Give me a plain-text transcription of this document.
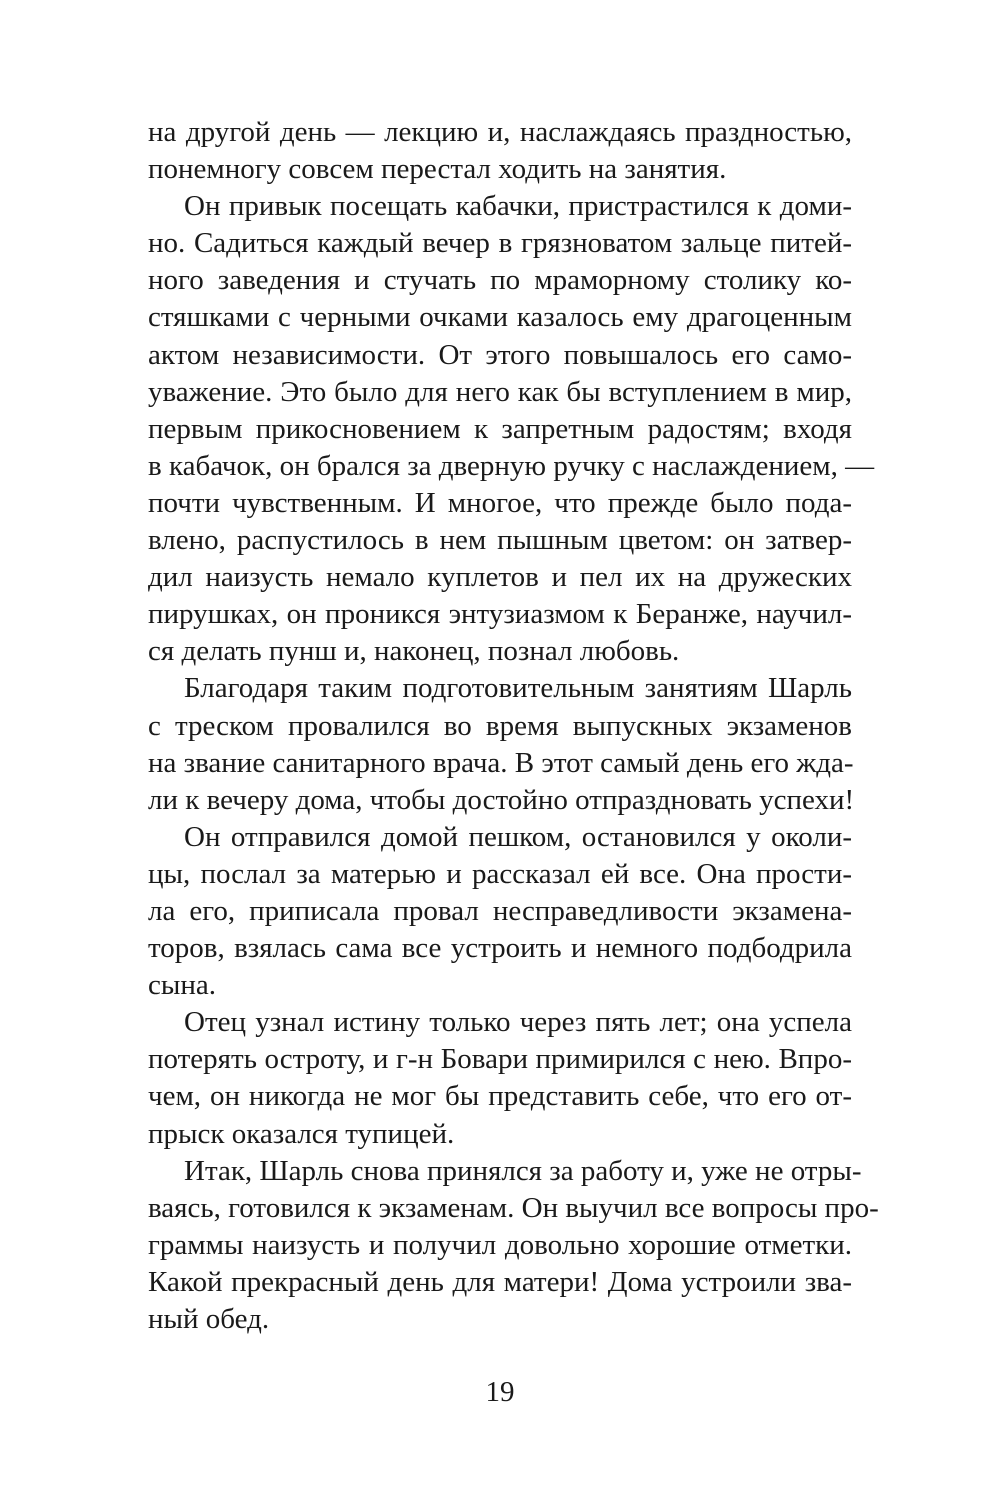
на другой день — лекцию и, наслаждаясь праздностью,
понемногу совсем перестал ходить на занятия.
Он привык посещать кабачки, пристрастился к доми-
но. Садиться каждый вечер в грязноватом зальце питей-
ного заведения и стучать по мраморному столику ко-
стяшками с черными очками казалось ему драгоценным
актом независимости. От этого повышалось его само-
уважение. Это было для него как бы вступлением в мир,
первым прикосновением к запретным радостям; входя
в кабачок, он брался за дверную ручку с наслаждением, —
почти чувственным. И многое, что прежде было пода-
влено, распустилось в нем пышным цветом: он затвер-
дил наизусть немало куплетов и пел их на дружеских
пирушках, он проникся энтузиазмом к Беранже, научил-
ся делать пунш и, наконец, познал любовь.
Благодаря таким подготовительным занятиям Шарль
с треском провалился во время выпускных экзаменов
на звание санитарного врача. В этот самый день его жда-
ли к вечеру дома, чтобы достойно отпраздновать успехи!
Он отправился домой пешком, остановился у околи-
цы, послал за матерью и рассказал ей все. Она прости-
ла его, приписала провал несправедливости экзамена-
торов, взялась сама все устроить и немного подбодрила
сына.
Отец узнал истину только через пять лет; она успела
потерять остроту, и г-н Бовари примирился с нею. Впро-
чем, он никогда не мог бы представить себе, что его от-
прыск оказался тупицей.
Итак, Шарль снова принялся за работу и, уже не отры-
ваясь, готовился к экзаменам. Он выучил все вопросы про-
граммы наизусть и получил довольно хорошие отметки.
Какой прекрасный день для матери! Дома устроили зва-
ный обед.
19
